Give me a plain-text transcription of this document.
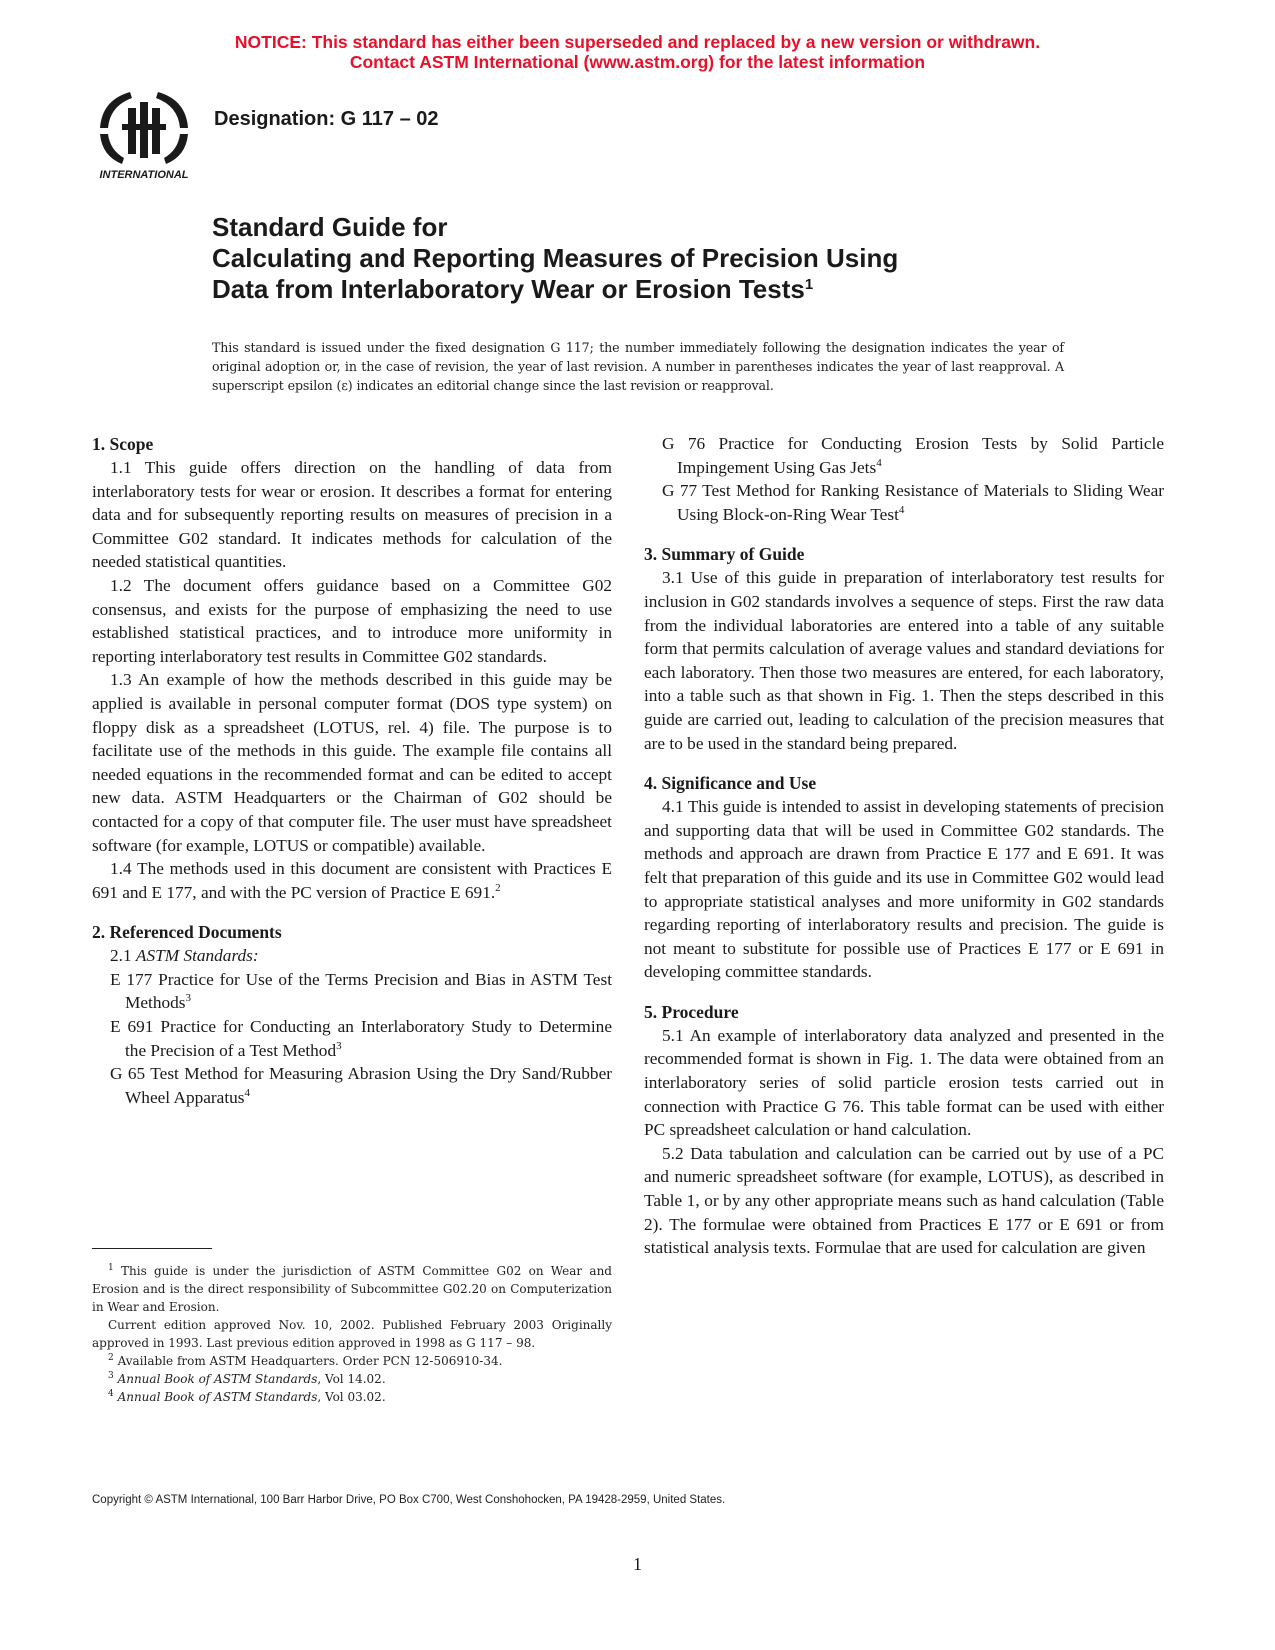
NOTICE: This standard has either been superseded and replaced by a new version or withdrawn.
Contact ASTM International (www.astm.org) for the latest information
INTERNATIONAL
Designation: G 117 – 02
Standard Guide for
Calculating and Reporting Measures of Precision Using
Data from Interlaboratory Wear or Erosion Tests$^1$
This standard is issued under the fixed designation G 117; the number immediately following the designation indicates the year of original adoption or, in the case of revision, the year of last revision. A number in parentheses indicates the year of last reapproval. A superscript epsilon (ε) indicates an editorial change since the last revision or reapproval.
1. Scope

1.1 This guide offers direction on the handling of data from interlaboratory tests for wear or erosion. It describes a format for entering data and for subsequently reporting results on measures of precision in a Committee G02 standard. It indicates methods for calculation of the needed statistical quantities.

1.2 The document offers guidance based on a Committee G02 consensus, and exists for the purpose of emphasizing the need to use established statistical practices, and to introduce more uniformity in reporting interlaboratory test results in Committee G02 standards.

1.3 An example of how the methods described in this guide may be applied is available in personal computer format (DOS type system) on floppy disk as a spreadsheet (LOTUS, rel. 4) file. The purpose is to facilitate use of the methods in this guide. The example file contains all needed equations in the recommended format and can be edited to accept new data. ASTM Headquarters or the Chairman of G02 should be contacted for a copy of that computer file. The user must have spreadsheet software (for example, LOTUS or compatible) available.

1.4 The methods used in this document are consistent with Practices E 691 and E 177, and with the PC version of Practice E 691.$^2$

2. Referenced Documents

2.1 ASTM Standards:

E 177 Practice for Use of the Terms Precision and Bias in ASTM Test Methods$^3$

E 691 Practice for Conducting an Interlaboratory Study to Determine the Precision of a Test Method$^3$

G 65 Test Method for Measuring Abrasion Using the Dry Sand/Rubber Wheel Apparatus$^4$

G 76 Practice for Conducting Erosion Tests by Solid Particle Impingement Using Gas Jets$^4$

G 77 Test Method for Ranking Resistance of Materials to Sliding Wear Using Block-on-Ring Wear Test$^4$

3. Summary of Guide

3.1 Use of this guide in preparation of interlaboratory test results for inclusion in G02 standards involves a sequence of steps. First the raw data from the individual laboratories are entered into a table of any suitable form that permits calculation of average values and standard deviations for each laboratory. Then those two measures are entered, for each laboratory, into a table such as that shown in Fig. 1. Then the steps described in this guide are carried out, leading to calculation of the precision measures that are to be used in the standard being prepared.

4. Significance and Use

4.1 This guide is intended to assist in developing statements of precision and supporting data that will be used in Committee G02 standards. The methods and approach are drawn from Practice E 177 and E 691. It was felt that preparation of this guide and its use in Committee G02 would lead to appropriate statistical analyses and more uniformity in G02 standards regarding reporting of interlaboratory results and precision. The guide is not meant to substitute for possible use of Practices E 177 or E 691 in developing committee standards.

5. Procedure

5.1 An example of interlaboratory data analyzed and presented in the recommended format is shown in Fig. 1. The data were obtained from an interlaboratory series of solid particle erosion tests carried out in connection with Practice G 76. This table format can be used with either PC spreadsheet calculation or hand calculation.

5.2 Data tabulation and calculation can be carried out by use of a PC and numeric spreadsheet software (for example, LOTUS), as described in Table 1, or by any other appropriate means such as hand calculation (Table 2). The formulae were obtained from Practices E 177 or E 691 or from statistical analysis texts. Formulae that are used for calculation are given

$^1$ This guide is under the jurisdiction of ASTM Committee G02 on Wear and Erosion and is the direct responsibility of Subcommittee G02.20 on Computerization in Wear and Erosion.

Current edition approved Nov. 10, 2002. Published February 2003 Originally approved in 1993. Last previous edition approved in 1998 as G 117 – 98.

$^2$ Available from ASTM Headquarters. Order PCN 12-506910-34.

$^3$ Annual Book of ASTM Standards, Vol 14.02.

$^4$ Annual Book of ASTM Standards, Vol 03.02.

Copyright © ASTM International, 100 Barr Harbor Drive, PO Box C700, West Conshohocken, PA 19428-2959, United States.
1
